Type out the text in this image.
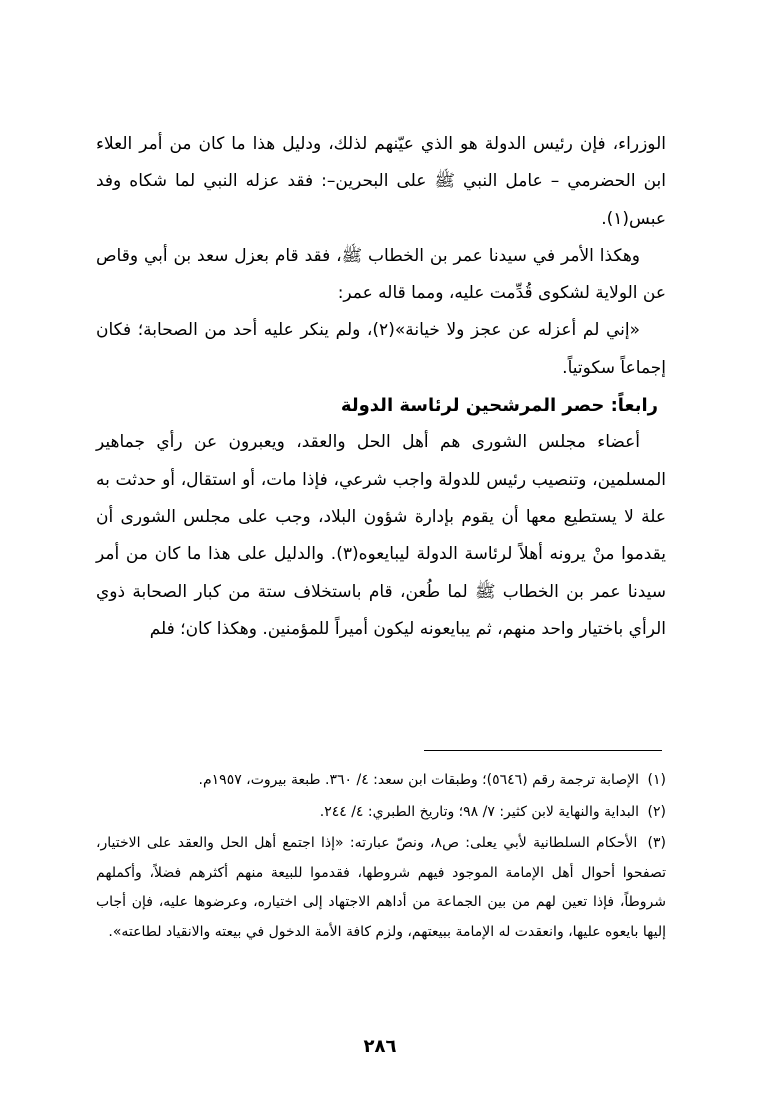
الوزراء، فإن رئيس الدولة هو الذي عيّنهم لذلك، ودليل هذا ما كان من أمر العلاء ابن الحضرمي – عامل النبي ﷺ على البحرين–: فقد عزله النبي لما شكاه وفد عبس(١).

وهكذا الأمر في سيدنا عمر بن الخطاب ﷺ، فقد قام بعزل سعد بن أبي وقاص عن الولاية لشكوى قُدِّمت عليه، ومما قاله عمر:

«إني لم أعزله عن عجز ولا خيانة»(٢)، ولم ينكر عليه أحد من الصحابة؛ فكان إجماعاً سكوتياً.

رابعاً: حصر المرشحين لرئاسة الدولة

أعضاء مجلس الشورى هم أهل الحل والعقد، ويعبرون عن رأي جماهير المسلمين، وتنصيب رئيس للدولة واجب شرعي، فإذا مات، أو استقال، أو حدثت به علة لا يستطيع معها أن يقوم بإدارة شؤون البلاد، وجب على مجلس الشورى أن يقدموا منْ يرونه أهلاً لرئاسة الدولة ليبايعوه(٣). والدليل على هذا ما كان من أمر سيدنا عمر بن الخطاب ﷺ لما طُعن، قام باستخلاف ستة من كبار الصحابة ذوي الرأي باختيار واحد منهم، ثم يبايعونه ليكون أميراً للمؤمنين. وهكذا كان؛ فلم

(١) الإصابة ترجمة رقم (٥٦٤٦)؛ وطبقات ابن سعد: ٤/ ٣٦٠. طبعة بيروت، ١٩٥٧م.

(٢) البداية والنهاية لابن كثير: ٧/ ٩٨؛ وتاريخ الطبري: ٤/ ٢٤٤.

(٣) الأحكام السلطانية لأبي يعلى: ص٨، ونصّ عبارته: «إذا اجتمع أهل الحل والعقد على الاختيار، تصفحوا أحوال أهل الإمامة الموجود فيهم شروطها، فقدموا للبيعة منهم أكثرهم فضلاً، وأكملهم شروطاً، فإذا تعين لهم من بين الجماعة من أداهم الاجتهاد إلى اختياره، وعرضوها عليه، فإن أجاب إليها بايعوه عليها، وانعقدت له الإمامة ببيعتهم، ولزم كافة الأمة الدخول في بيعته والانقياد لطاعته».

٢٨٦
